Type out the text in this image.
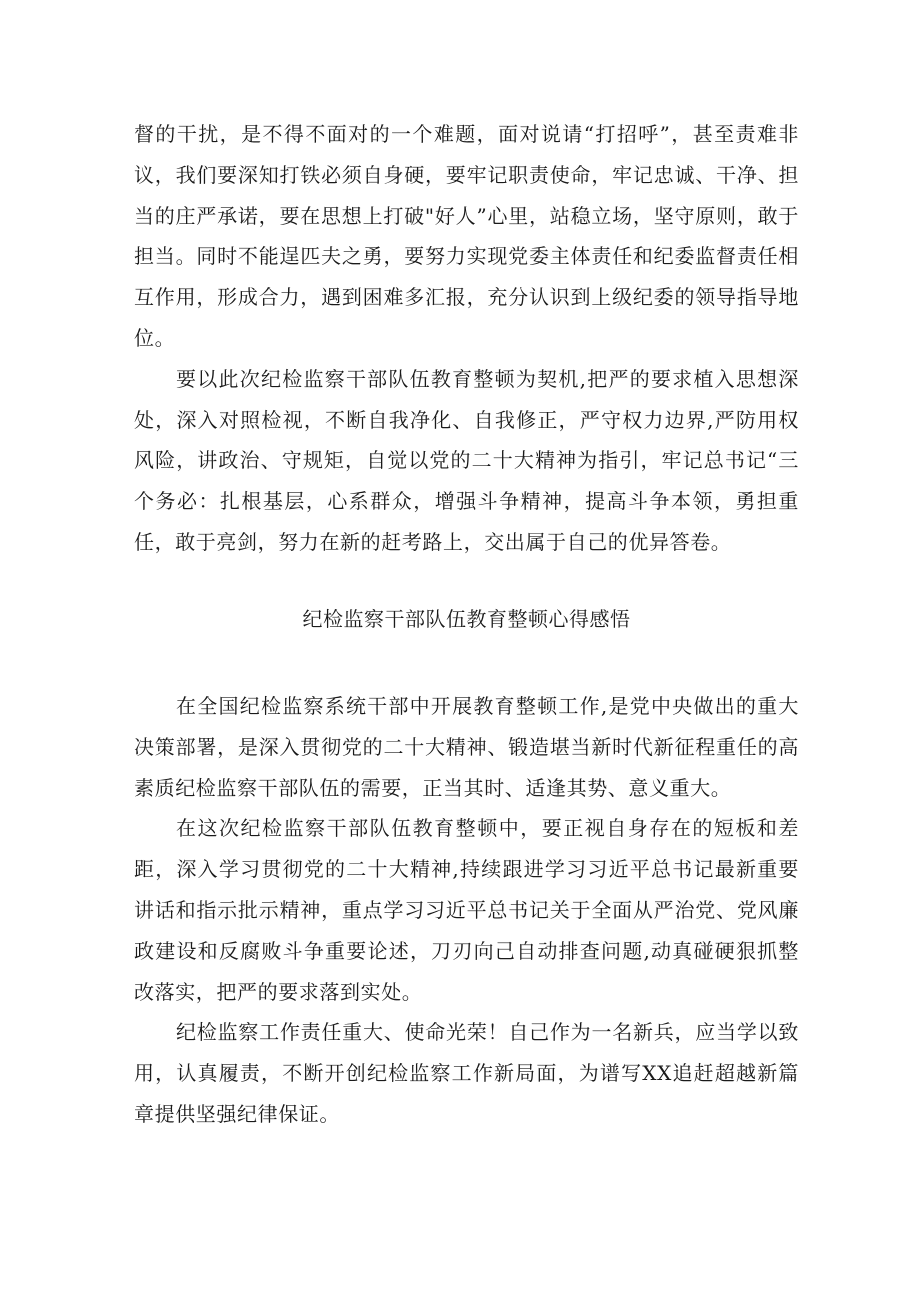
督的干扰，是不得不面对的一个难题，面对说请“打招呼”，甚至责难非议，我们要深知打铁必须自身硬，要牢记职责使命，牢记忠诚、干净、担当的庄严承诺，要在思想上打破"好人”心里，站稳立场，坚守原则，敢于担当。同时不能逞匹夫之勇，要努力实现党委主体责任和纪委监督责任相互作用，形成合力，遇到困难多汇报，充分认识到上级纪委的领导指导地位。

要以此次纪检监察干部队伍教育整顿为契机,把严的要求植入思想深处，深入对照检视，不断自我净化、自我修正，严守权力边界,严防用权风险，讲政治、守规矩，自觉以党的二十大精神为指引，牢记总书记“三个务必：扎根基层，心系群众，增强斗争精神，提高斗争本领，勇担重任，敢于亮剑，努力在新的赶考路上，交出属于自己的优异答卷。

纪检监察干部队伍教育整顿心得感悟

在全国纪检监察系统干部中开展教育整顿工作,是党中央做出的重大决策部署，是深入贯彻党的二十大精神、锻造堪当新时代新征程重任的高素质纪检监察干部队伍的需要，正当其时、适逢其势、意义重大。

在这次纪检监察干部队伍教育整顿中，要正视自身存在的短板和差距，深入学习贯彻党的二十大精神,持续跟进学习习近平总书记最新重要讲话和指示批示精神，重点学习习近平总书记关于全面从严治党、党风廉政建设和反腐败斗争重要论述，刀刃向己自动排查问题,动真碰硬狠抓整改落实，把严的要求落到实处。

纪检监察工作责任重大、使命光荣！自己作为一名新兵，应当学以致用，认真履责，不断开创纪检监察工作新局面，为谱写XX追赶超越新篇章提供坚强纪律保证。
